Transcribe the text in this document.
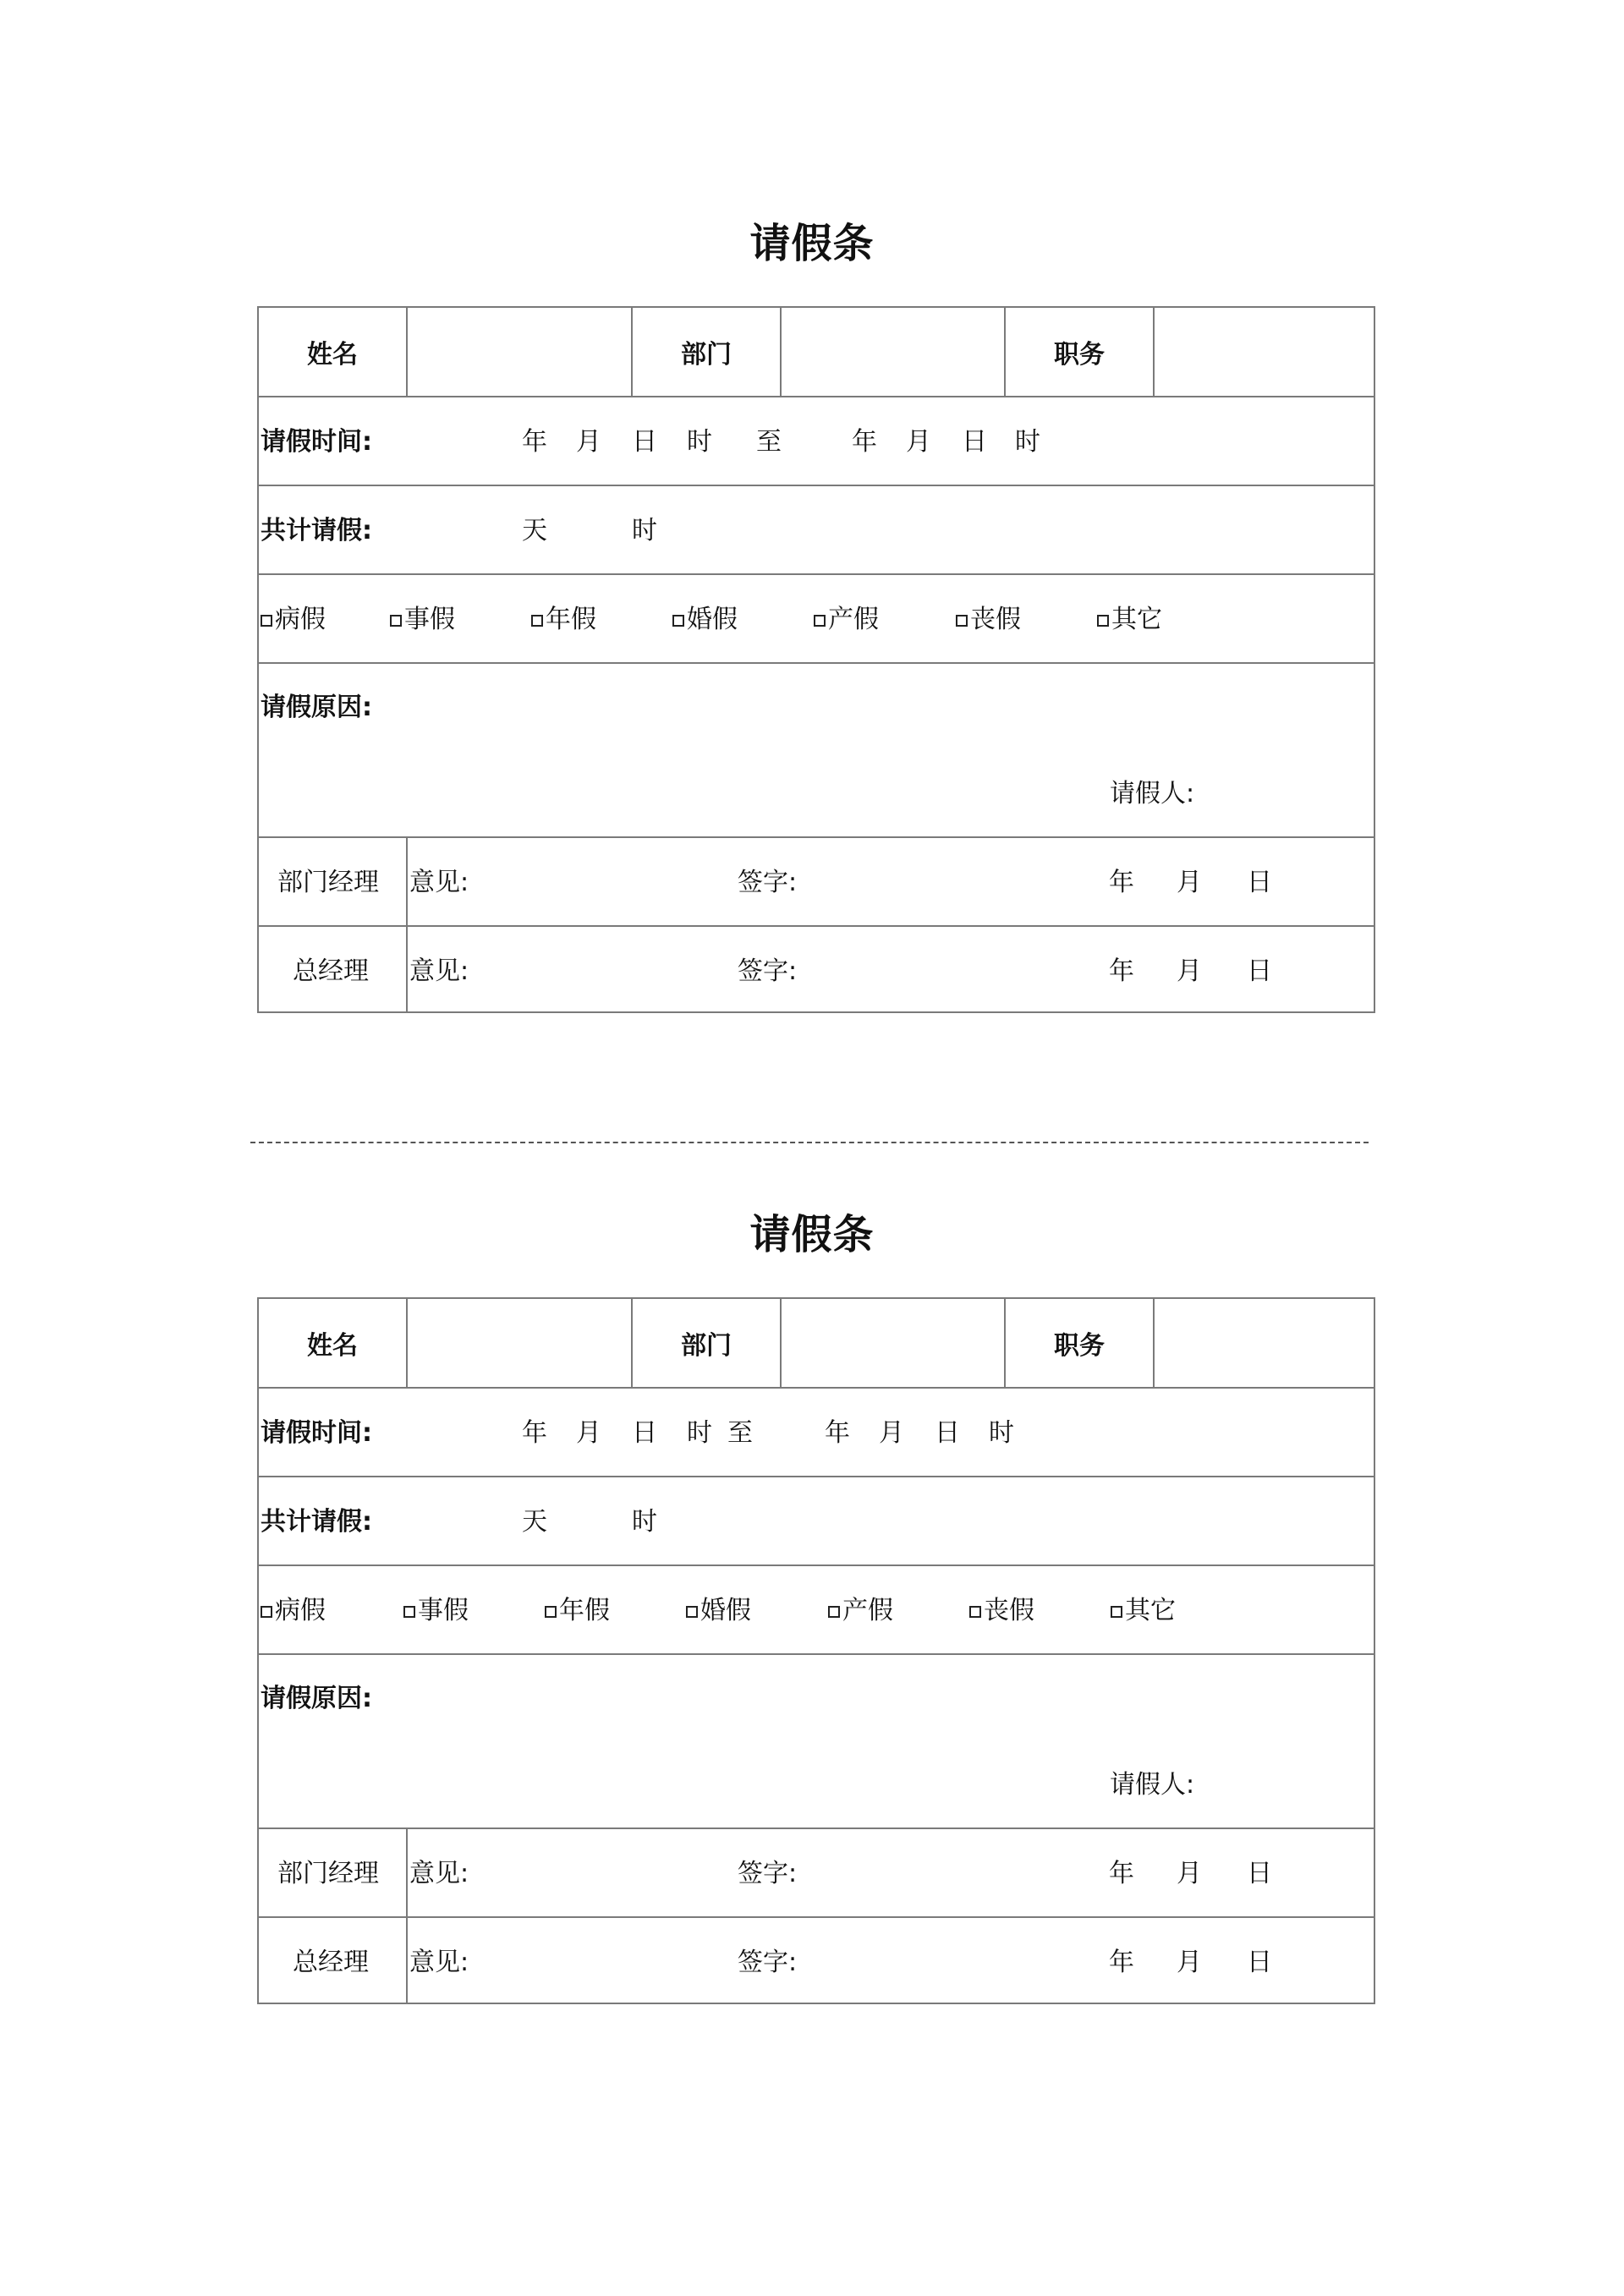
请假条
姓名	部门	职务
请假时间:	年 月 日 时 至	年 月 日 时
共计请假:	天	时
病假	事假	年假	婚假	产假	丧假	其它
请假原因:
请假人:
部门经理 意见:	签字:	年 月 日
总经理 意见:	签字:	年 月 日
请假条
姓名	部门	职务
请假时间:	年 月 日 时 至	年 月 日 时
共计请假:	天	时
病假	事假	年假	婚假	产假	丧假	其它
请假原因:
请假人:
部门经理 意见:	签字:	年 月 日
总经理 意见:	签字:	年 月 日
